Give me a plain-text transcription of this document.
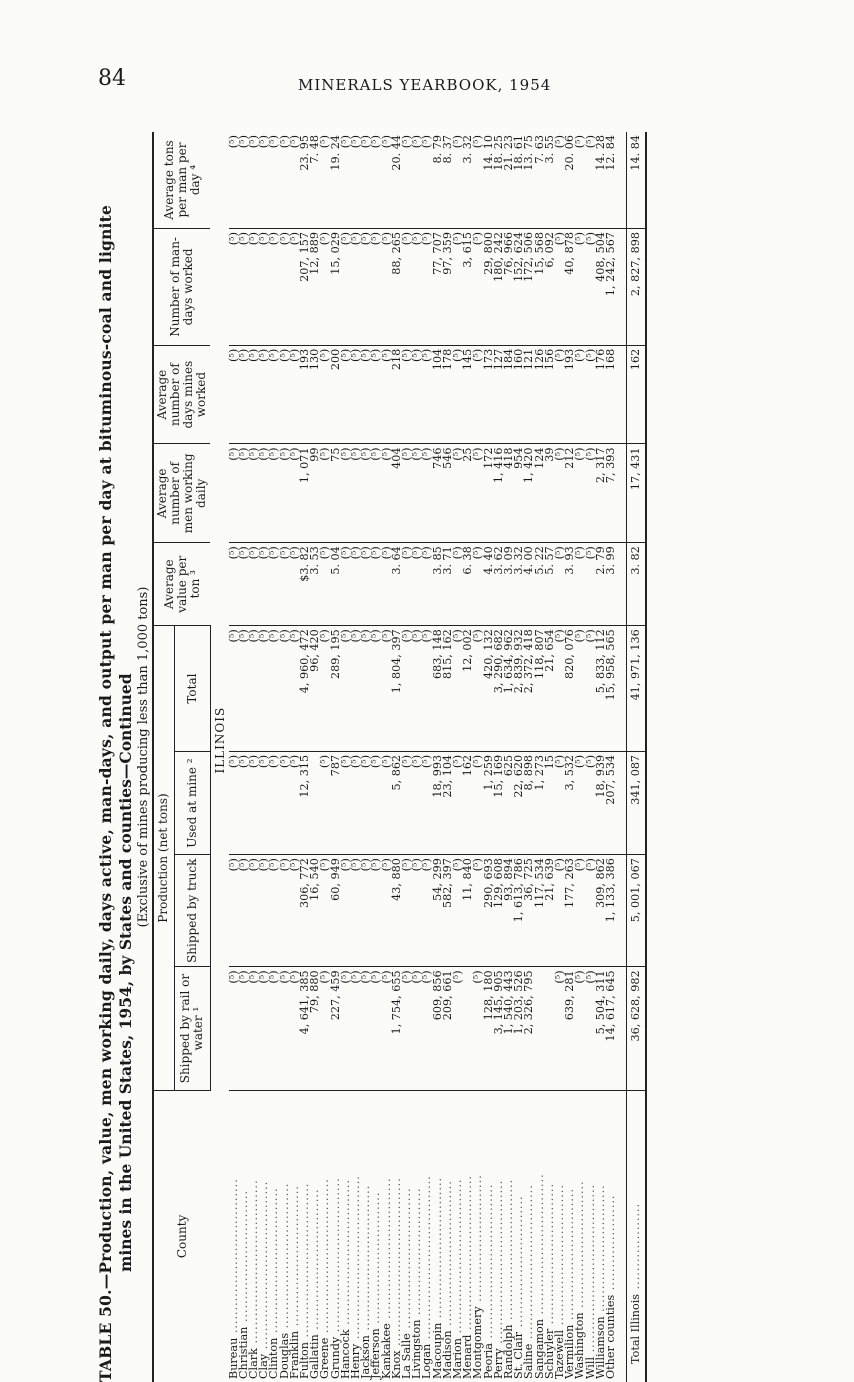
84	MINERALS YEARBOOK, 1954
TABLE 50.—Production, value, men working daily, days active, man-days, and output per man per day at bituminous-coal and lignite mines in the United States, 1954, by States and counties—Continued (Exclusive of mines producing less than 1,000 tons)
County	Production (net tons)				Average value per ton ³	Average number of men working daily	Average number of days mines worked	Number of man-days worked	Average tons per man per day ⁴
	Shipped by rail or water ¹	Shipped by truck	Used at mine ²	Total					
			ILLINOIS						
Bureau ..................................	(⁵)	(⁵)	(⁵)	(⁵)	(⁵)	(⁵)	(⁵)	(⁵)	(⁵)
Christian .............................	(⁵)	(⁵)	(⁵)	(⁵)	(⁵)	(⁵)	(⁵)	(⁵)	(⁵)
Clark ....................................	(⁵)	(⁵)	(⁵)	(⁵)	(⁵)	(⁵)	(⁵)	(⁵)	(⁵)
Clay .....................................	(⁵)	(⁵)	(⁵)	(⁵)	(⁵)	(⁵)	(⁵)	(⁵)	(⁵)
Clinton ................................	(⁵)	(⁵)	(⁵)	(⁵)	(⁵)	(⁵)	(⁵)	(⁵)	(⁵)
Douglas ................................	(⁵)	(⁵)	(⁵)	(⁵)	(⁵)	(⁵)	(⁵)	(⁵)	(⁵)
Franklin ...............................	(⁵)	(⁵)	(⁵)	(⁵)	(⁵)	(⁵)	(⁵)	(⁵)	(⁵)
Fulton ..................................	4, 641, 385	306, 772	12, 315	4, 960, 472	$3. 82	1, 071	193	207, 157	23. 95
Gallatin ...............................	79, 880	16, 540		96, 420	3. 53	99	130	12, 889	7. 48
Greene ..................................	(⁵)	(⁵)	(⁵)	(⁵)	(⁵)	(⁵)	(⁵)	(⁵)	(⁵)
Grundy ..................................	227, 459	60, 949	787	289, 195	5. 04	75	200	15, 029	19. 24
Hancock ................................	(⁵)	(⁵)	(⁵)	(⁵)	(⁵)	(⁵)	(⁵)	(⁵)	(⁵)
Henry ....................................	(⁵)	(⁵)	(⁵)	(⁵)	(⁵)	(⁵)	(⁵)	(⁵)	(⁵)
Jackson ................................	(⁵)	(⁵)	(⁵)	(⁵)	(⁵)	(⁵)	(⁵)	(⁵)	(⁵)
Jefferson .............................	(⁵)	(⁵)	(⁵)	(⁵)	(⁵)	(⁵)	(⁵)	(⁵)	(⁵)
Kankakee ...............................	(⁵)	(⁵)	(⁵)	(⁵)	(⁵)	(⁵)	(⁵)	(⁵)	(⁵)
Knox .....................................	1, 754, 655	43, 880	5, 862	1, 804, 397	3. 64	404	218	88, 265	20. 44
La Salle ...............................	(⁵)	(⁵)	(⁵)	(⁵)	(⁵)	(⁵)	(⁵)	(⁵)	(⁵)
Livingston ............................	(⁵)	(⁵)	(⁵)	(⁵)	(⁵)	(⁵)	(⁵)	(⁵)	(⁵)
Logan ....................................	(⁵)	(⁵)	(⁵)	(⁵)	(⁵)	(⁵)	(⁵)	(⁵)	(⁵)
Macoupin ...............................	609, 856	54, 299	18, 993	683, 148	3. 85	746	104	77, 707	8. 79
Madison ................................	209, 661	582, 397	23, 104	815, 162	3. 71	546	178	97, 359	8. 37
Marion ..................................	(⁵)	(⁵)	(⁵)	(⁵)	(⁵)	(⁵)	(⁵)	(⁵)	(⁵)
Menard ..................................		11, 840	162	12, 002	6. 38	25	145	3, 615	3. 32
Montgomery ............................	(⁵)	(⁵)	(⁵)	(⁵)	(⁵)	(⁵)	(⁵)	(⁵)	(⁵)
Peoria ..................................	128, 180	290, 693	1, 259	420, 132	4. 40	172	173	29, 800	14. 10
Perry ....................................	3, 145, 905	129, 608	15, 169	3, 290, 682	3. 62	1, 416	127	180, 242	18. 25
Randolph ...............................	1, 540, 443	93, 894	625	1, 634, 962	3. 09	418	184	76, 966	21. 23
St. Clair .............................	1, 203, 526	1, 613, 786	22, 620	2, 839, 932	3. 32	954	160	152, 624	18. 61
Saline ..................................	2, 326, 795	36, 725	8, 898	2, 372, 418	4. 00	1, 420	121	172, 506	13. 75
Sangamon ...............................		117, 534	1, 273	118, 807	5. 22	124	126	15, 568	7. 63
Schuyler ...............................		21, 639	15	21, 654	5. 57	39	156	6, 092	3. 55
Tazewell ...............................	(⁵)	(⁵)	(⁵)	(⁵)	(⁵)	(⁵)	(⁵)	(⁵)	(⁵)
Vermilion .............................	639, 281	177, 263	3, 532	820, 076	3. 93	212	193	40, 878	20. 06
Washington ............................	(⁵)	(⁵)	(⁵)	(⁵)	(⁵)	(⁵)	(⁵)	(⁵)	(⁵)
Will .....................................	(⁵)	(⁵)	(⁵)	(⁵)	(⁵)	(⁵)	(⁵)	(⁵)	(⁵)
Williamson ............................	5, 504, 311	309, 862	18, 939	5, 833, 112	2. 79	2, 317	176	408, 504	14. 28
Other counties .....................	14, 617, 645	1, 133, 386	207, 534	15, 958, 565	3. 99	7, 393	168	1, 242, 567	12. 84

Total Illinois ...................	36, 628, 982	5, 001, 067	341, 087	41, 971, 136	3. 82	17, 431	162	2, 827, 898	14. 84
